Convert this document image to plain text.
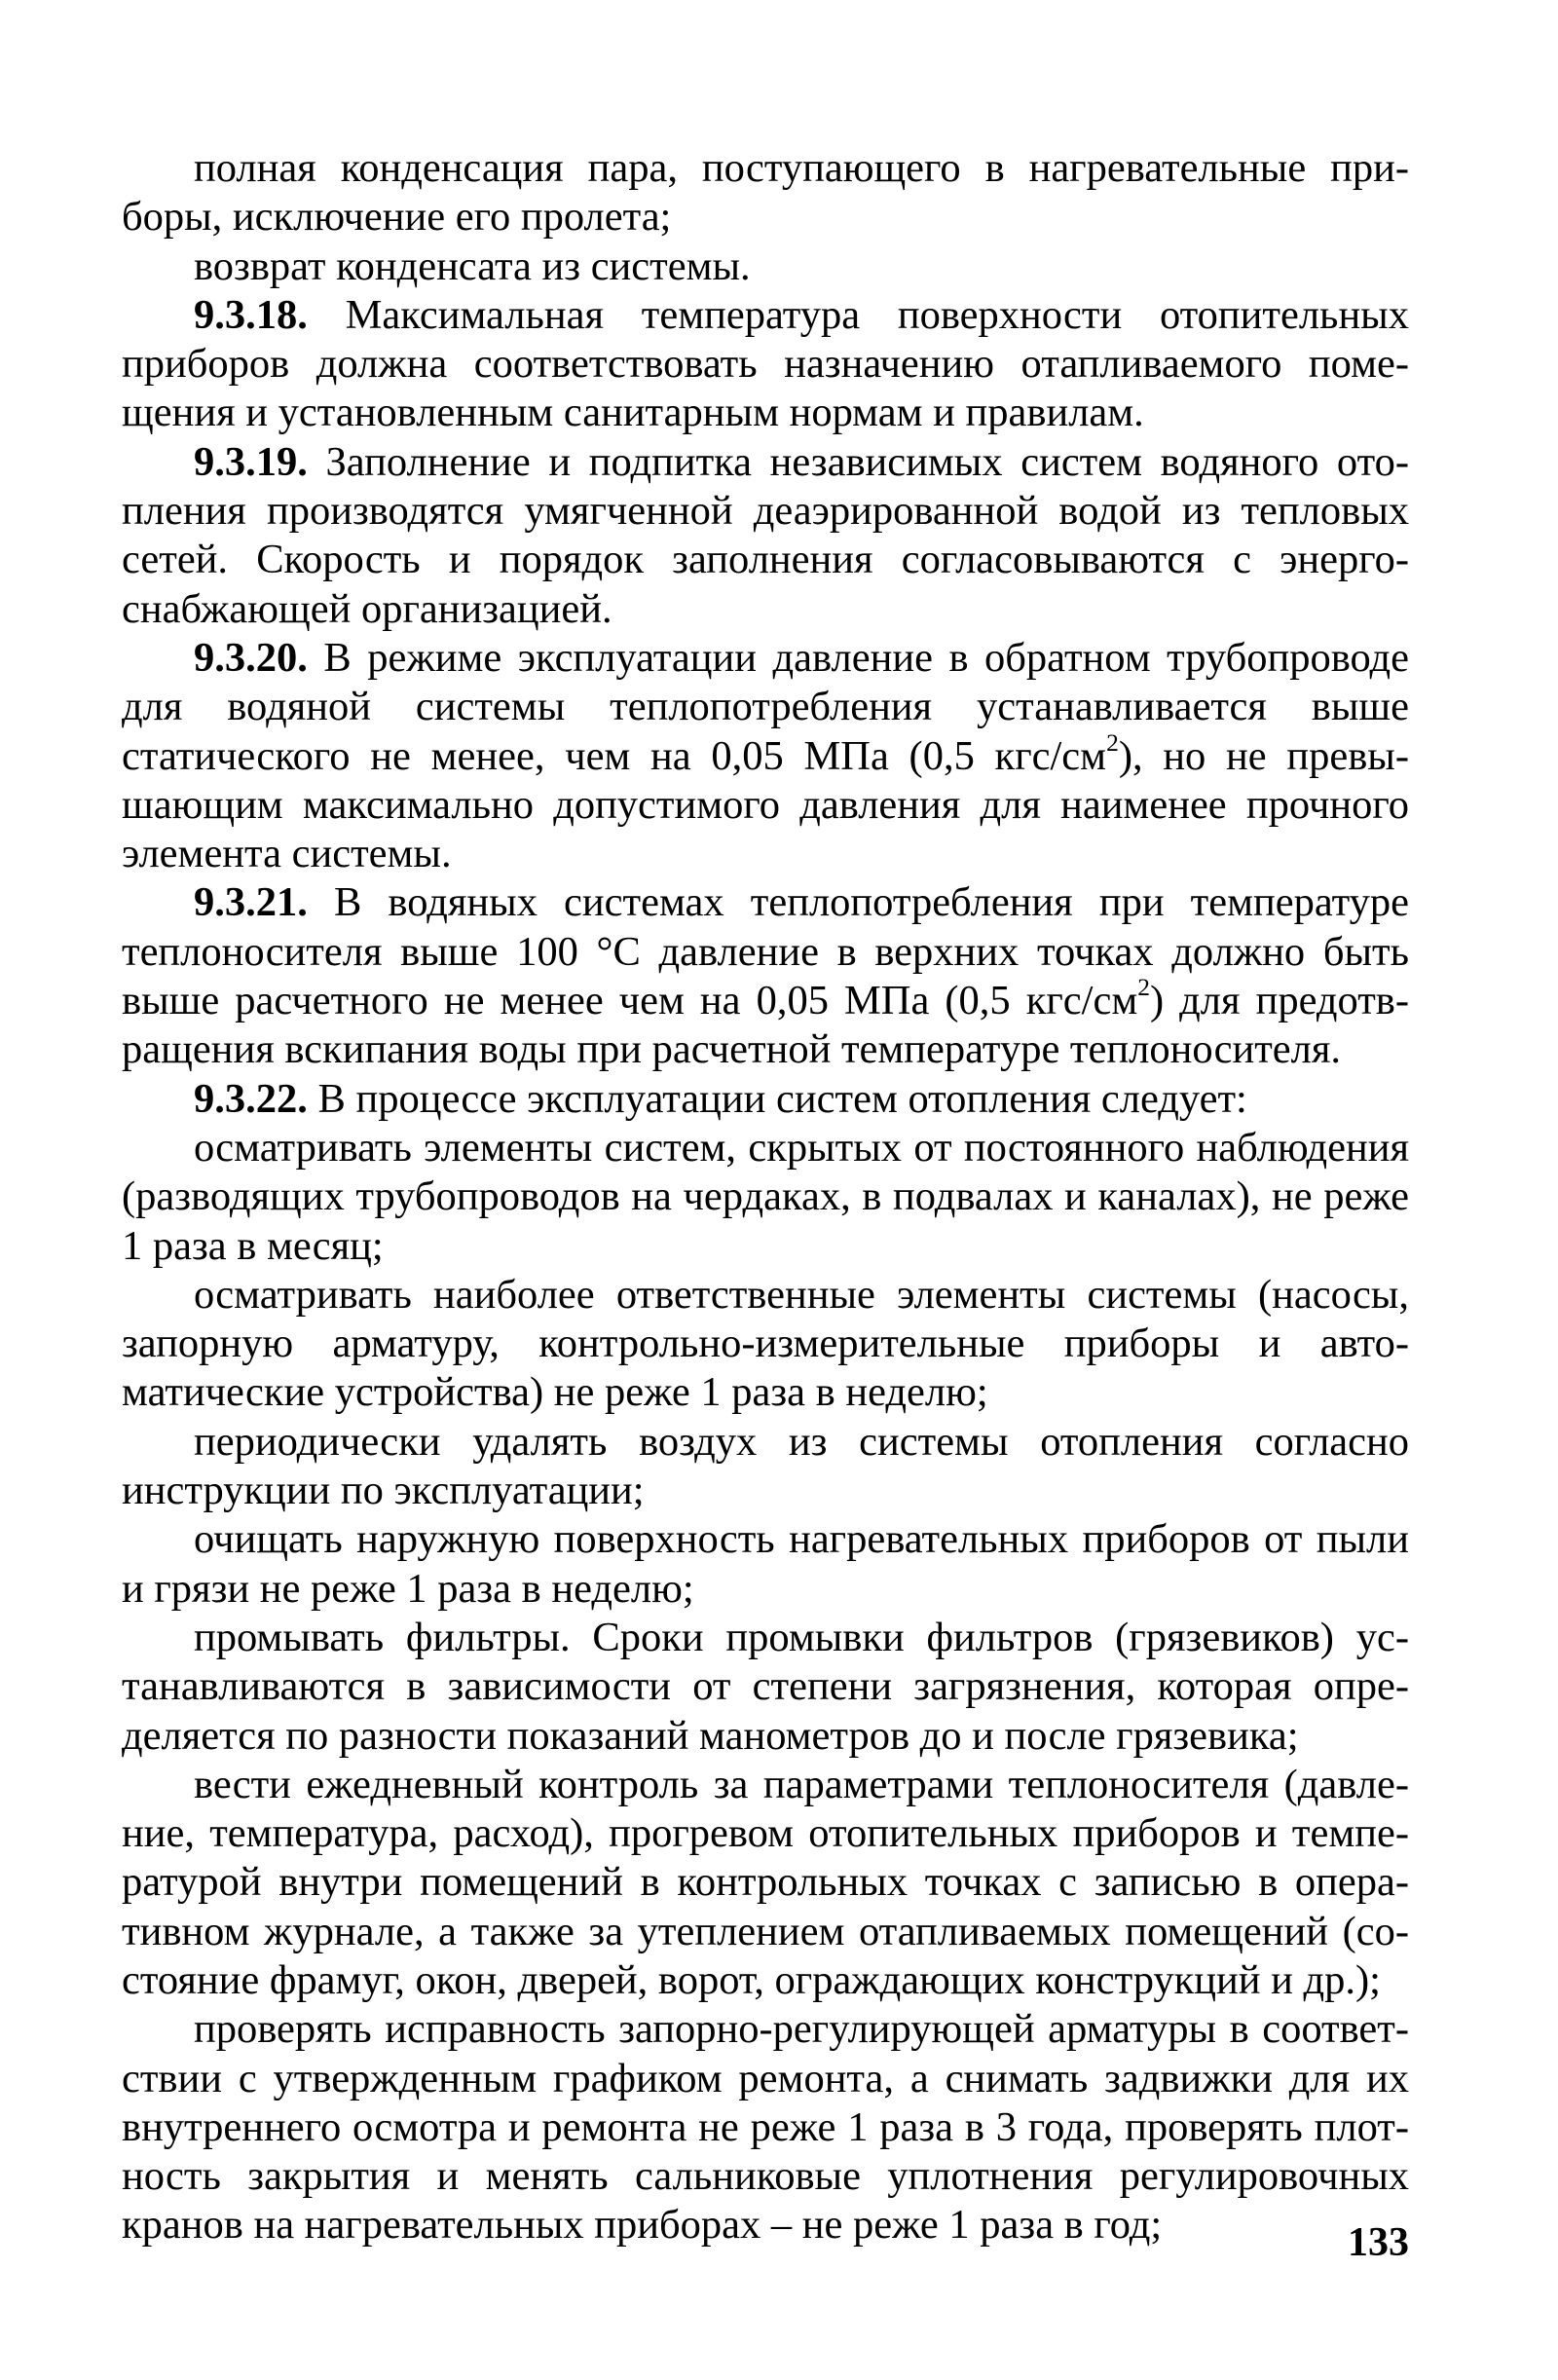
полная конденсация пара, поступающего в нагревательные приборы, исключение его пролета;

возврат конденсата из системы.

9.3.18. Максимальная температура поверхности отопительных приборов должна соответствовать назначению отапливаемого помещения и установленным санитарным нормам и правилам.

9.3.19. Заполнение и подпитка независимых систем водяного отопления производятся умягченной деаэрированной водой из тепловых сетей. Скорость и порядок заполнения согласовываются с энергоснабжающей организацией.

9.3.20. В режиме эксплуатации давление в обратном трубопроводе для водяной системы теплопотребления устанавливается выше статического не менее, чем на 0,05 МПа (0,5 кгс/$см^2$), но не превышающим максимально допустимого давления для наименее прочного элемента системы.

9.3.21. В водяных системах теплопотребления при температуре теплоносителя выше 100 °С давление в верхних точках должно быть выше расчетного не менее чем на 0,05 МПа (0,5 кгс/$см^2$) для предотвращения вскипания воды при расчетной температуре теплоносителя.

9.3.22. В процессе эксплуатации систем отопления следует:

осматривать элементы систем, скрытых от постоянного наблюдения (разводящих трубопроводов на чердаках, в подвалах и каналах), не реже 1 раза в месяц;

осматривать наиболее ответственные элементы системы (насосы, запорную арматуру, контрольно-измерительные приборы и автоматические устройства) не реже 1 раза в неделю;

периодически удалять воздух из системы отопления согласно инструкции по эксплуатации;

очищать наружную поверхность нагревательных приборов от пыли и грязи не реже 1 раза в неделю;

промывать фильтры. Сроки промывки фильтров (грязевиков) устанавливаются в зависимости от степени загрязнения, которая определяется по разности показаний манометров до и после грязевика;

вести ежедневный контроль за параметрами теплоносителя (давление, температура, расход), прогревом отопительных приборов и температурой внутри помещений в контрольных точках с записью в оперативном журнале, а также за утеплением отапливаемых помещений (состояние фрамуг, окон, дверей, ворот, ограждающих конструкций и др.);

проверять исправность запорно-регулирующей арматуры в соответствии с утвержденным графиком ремонта, а снимать задвижки для их внутреннего осмотра и ремонта не реже 1 раза в 3 года, проверять плотность закрытия и менять сальниковые уплотнения регулировочных кранов на нагревательных приборах – не реже 1 раза в год;	133
